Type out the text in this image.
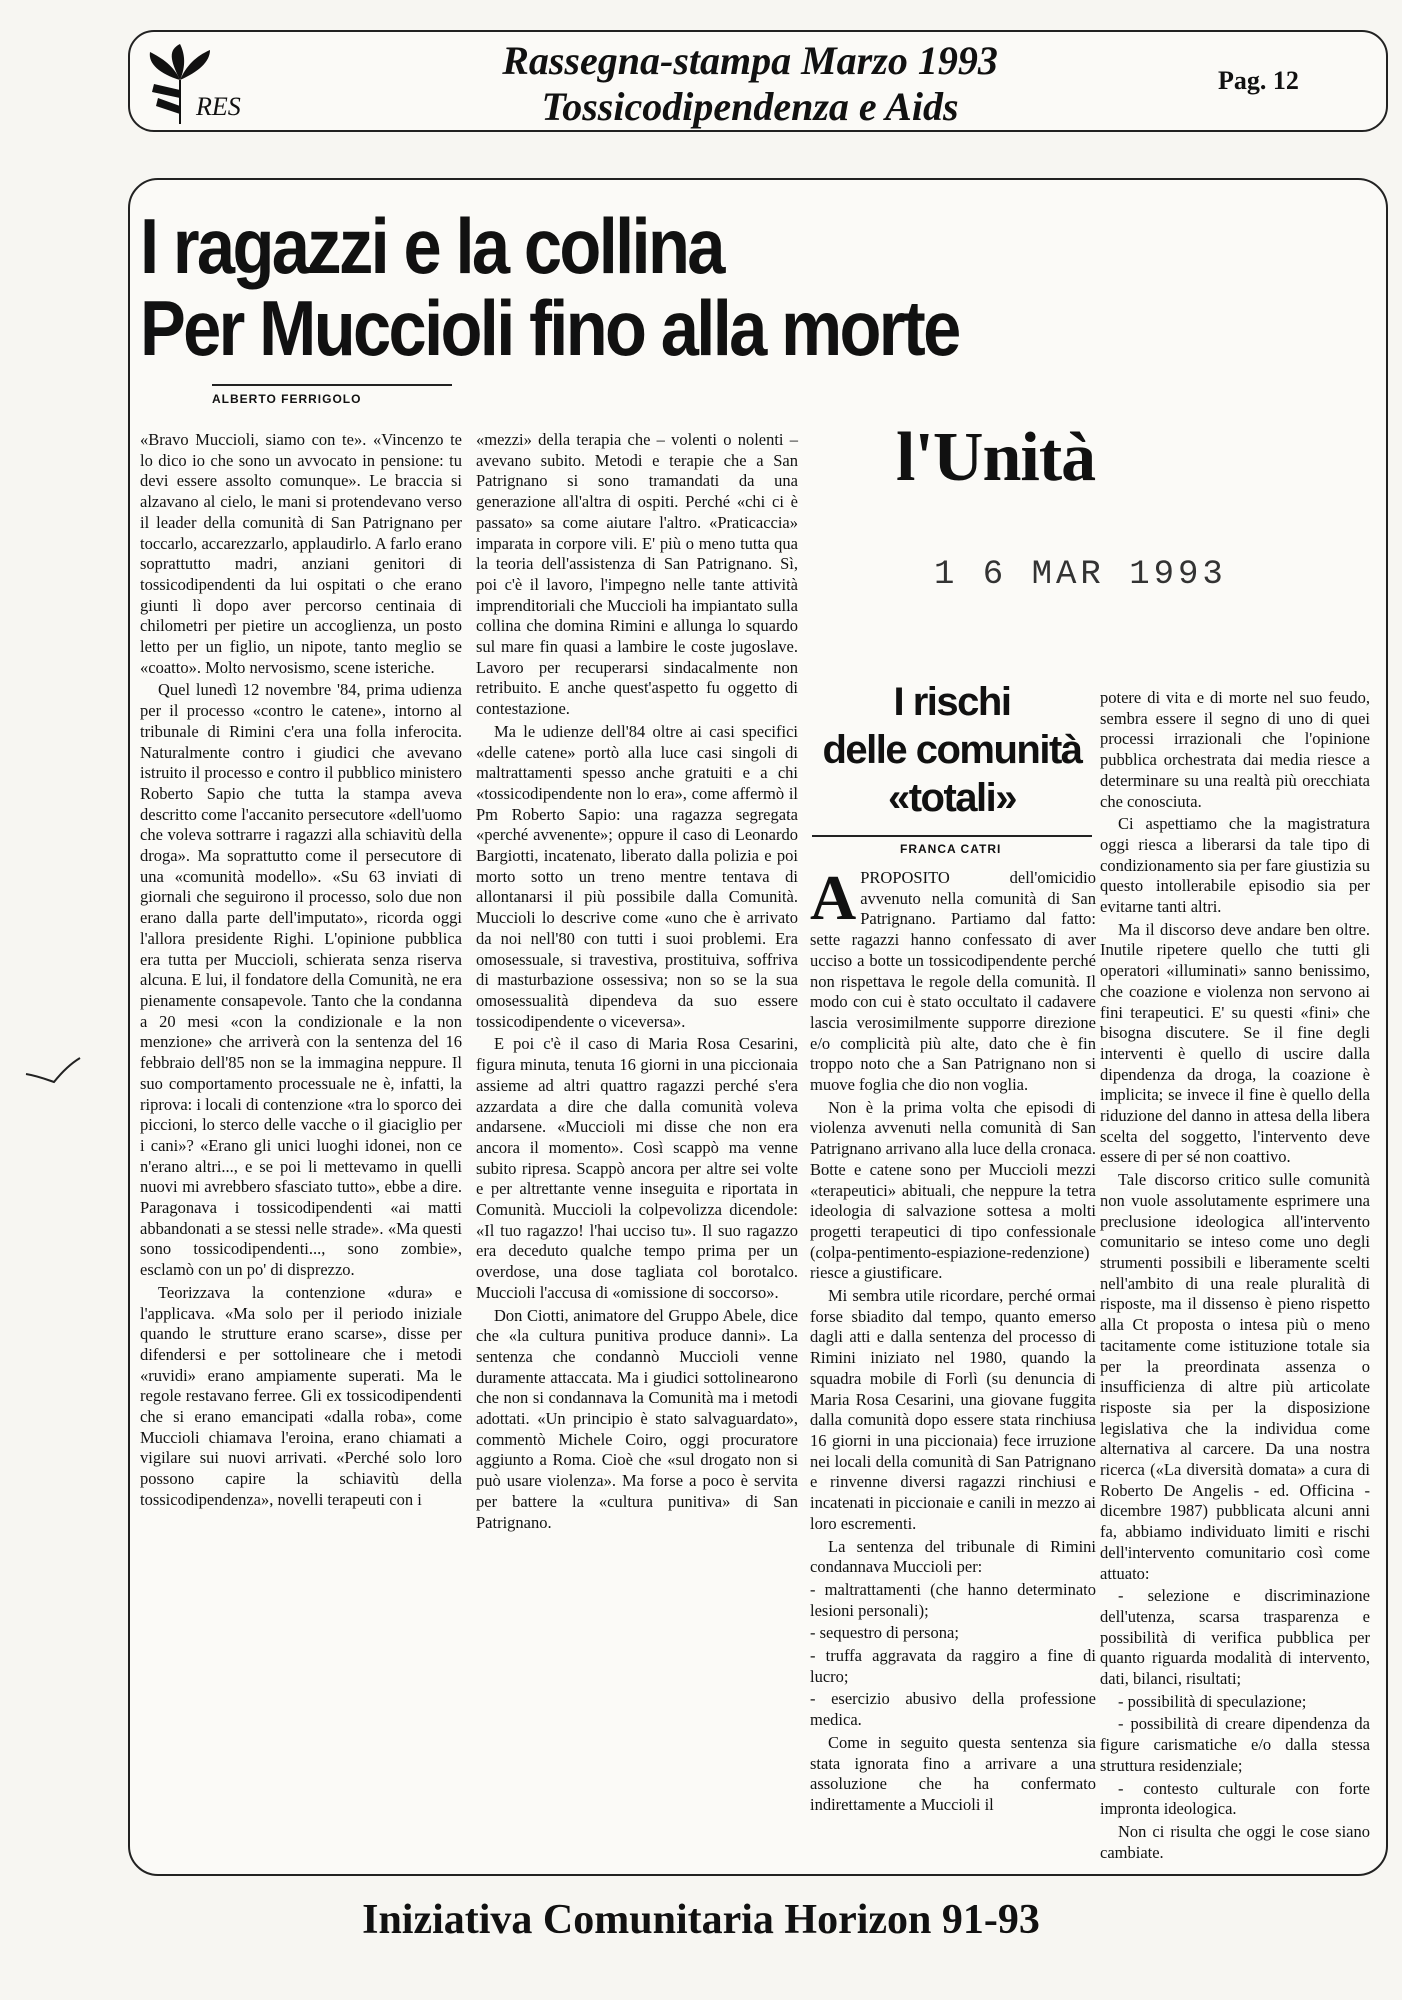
RES
Rassegna-stampa Marzo 1993
Tossicodipendenza e Aids
Pag. 12
I ragazzi e la collina
Per Muccioli fino alla morte
ALBERTO FERRIGOLO

«Bravo Muccioli, siamo con te». «Vincenzo te lo dico io che sono un avvocato in pensione: tu devi essere assolto comunque». Le braccia si alzavano al cielo, le mani si protendevano verso il leader della comunità di San Patrignano per toccarlo, accarezzarlo, applaudirlo. A farlo erano soprattutto madri, anziani genitori di tossicodipendenti da lui ospitati o che erano giunti lì dopo aver percorso centinaia di chilometri per pietire un accoglienza, un posto letto per un figlio, un nipote, tanto meglio se «coatto». Molto nervosismo, scene isteriche.

Quel lunedì 12 novembre '84, prima udienza per il processo «contro le catene», intorno al tribunale di Rimini c'era una folla inferocita. Naturalmente contro i giudici che avevano istruito il processo e contro il pubblico ministero Roberto Sapio che tutta la stampa aveva descritto come l'accanito persecutore «dell'uomo che voleva sottrarre i ragazzi alla schiavitù della droga». Ma soprattutto come il persecutore di una «comunità modello». «Su 63 inviati di giornali che seguirono il processo, solo due non erano dalla parte dell'imputato», ricorda oggi l'allora presidente Righi. L'opinione pubblica era tutta per Muccioli, schierata senza riserva alcuna. E lui, il fondatore della Comunità, ne era pienamente consapevole. Tanto che la condanna a 20 mesi «con la condizionale e la non menzione» che arriverà con la sentenza del 16 febbraio dell'85 non se la immagina neppure. Il suo comportamento processuale ne è, infatti, la riprova: i locali di contenzione «tra lo sporco dei piccioni, lo sterco delle vacche o il giaciglio per i cani»? «Erano gli unici luoghi idonei, non ce n'erano altri..., e se poi li mettevamo in quelli nuovi mi avrebbero sfasciato tutto», ebbe a dire. Paragonava i tossicodipendenti «ai matti abbandonati a se stessi nelle strade». «Ma questi sono tossicodipendenti..., sono zombie», esclamò con un po' di disprezzo.

Teorizzava la contenzione «dura» e l'applicava. «Ma solo per il periodo iniziale quando le strutture erano scarse», disse per difendersi e per sottolineare che i metodi «ruvidi» erano ampiamente superati. Ma le regole restavano ferree. Gli ex tossicodipendenti che si erano emancipati «dalla roba», come Muccioli chiamava l'eroina, erano chiamati a vigilare sui nuovi arrivati. «Perché solo loro possono capire la schiavitù della tossicodipendenza», novelli terapeuti con i

«mezzi» della terapia che – volenti o nolenti – avevano subito. Metodi e terapie che a San Patrignano si sono tramandati da una generazione all'altra di ospiti. Perché «chi ci è passato» sa come aiutare l'altro. «Praticaccia» imparata in corpore vili. E' più o meno tutta qua la teoria dell'assistenza di San Patrignano. Sì, poi c'è il lavoro, l'impegno nelle tante attività imprenditoriali che Muccioli ha impiantato sulla collina che domina Rimini e allunga lo squardo sul mare fin quasi a lambire le coste jugoslave. Lavoro per recuperarsi sindacalmente non retribuito. E anche quest'aspetto fu oggetto di contestazione.

Ma le udienze dell'84 oltre ai casi specifici «delle catene» portò alla luce casi singoli di maltrattamenti spesso anche gratuiti e a chi «tossicodipendente non lo era», come affermò il Pm Roberto Sapio: una ragazza segregata «perché avvenente»; oppure il caso di Leonardo Bargiotti, incatenato, liberato dalla polizia e poi morto sotto un treno mentre tentava di allontanarsi il più possibile dalla Comunità. Muccioli lo descrive come «uno che è arrivato da noi nell'80 con tutti i suoi problemi. Era omosessuale, si travestiva, prostituiva, soffriva di masturbazione ossessiva; non so se la sua omosessualità dipendeva da suo essere tossicodipendente o viceversa».

E poi c'è il caso di Maria Rosa Cesarini, figura minuta, tenuta 16 giorni in una piccionaia assieme ad altri quattro ragazzi perché s'era azzardata a dire che dalla comunità voleva andarsene. «Muccioli mi disse che non era ancora il momento». Così scappò ma venne subito ripresa. Scappò ancora per altre sei volte e per altrettante venne inseguita e riportata in Comunità. Muccioli la colpevolizza dicendole: «Il tuo ragazzo! l'hai ucciso tu». Il suo ragazzo era deceduto qualche tempo prima per un overdose, una dose tagliata col borotalco. Muccioli l'accusa di «omissione di soccorso».

Don Ciotti, animatore del Gruppo Abele, dice che «la cultura punitiva produce danni». La sentenza che condannò Muccioli venne duramente attaccata. Ma i giudici sottolinearono che non si condannava la Comunità ma i metodi adottati. «Un principio è stato salvaguardato», commentò Michele Coiro, oggi procuratore aggiunto a Roma. Cioè che «sul drogato non si può usare violenza». Ma forse a poco è servita per battere la «cultura punitiva» di San Patrignano.

l'Unità
1 6 MAR 1993
I rischi
delle comunità
«totali»
FRANCA CATRI

APROPOSITO dell'omicidio avvenuto nella comunità di San Patrignano. Partiamo dal fatto: sette ragazzi hanno confessato di aver ucciso a botte un tossicodipendente perché non rispettava le regole della comunità. Il modo con cui è stato occultato il cadavere lascia verosimilmente supporre direzione e/o complicità più alte, dato che è fin troppo noto che a San Patrignano non si muove foglia che dio non voglia.

Non è la prima volta che episodi di violenza avvenuti nella comunità di San Patrignano arrivano alla luce della cronaca. Botte e catene sono per Muccioli mezzi «terapeutici» abituali, che neppure la tetra ideologia di salvazione sottesa a molti progetti terapeutici di tipo confessionale (colpa-pentimento-espiazione-redenzione) riesce a giustificare.

Mi sembra utile ricordare, perché ormai forse sbiadito dal tempo, quanto emerso dagli atti e dalla sentenza del processo di Rimini iniziato nel 1980, quando la squadra mobile di Forlì (su denuncia di Maria Rosa Cesarini, una giovane fuggita dalla comunità dopo essere stata rinchiusa 16 giorni in una piccionaia) fece irruzione nei locali della comunità di San Patrignano e rinvenne diversi ragazzi rinchiusi e incatenati in piccionaie e canili in mezzo ai loro escrementi.

La sentenza del tribunale di Rimini condannava Muccioli per:

- maltrattamenti (che hanno determinato lesioni personali);

- sequestro di persona;

- truffa aggravata da raggiro a fine di lucro;

- esercizio abusivo della professione medica.

Come in seguito questa sentenza sia stata ignorata fino a arrivare a una assoluzione che ha confermato indirettamente a Muccioli il

potere di vita e di morte nel suo feudo, sembra essere il segno di uno di quei processi irrazionali che l'opinione pubblica orchestrata dai media riesce a determinare su una realtà più orecchiata che conosciuta.

Ci aspettiamo che la magistratura oggi riesca a liberarsi da tale tipo di condizionamento sia per fare giustizia su questo intollerabile episodio sia per evitarne tanti altri.

Ma il discorso deve andare ben oltre. Inutile ripetere quello che tutti gli operatori «illuminati» sanno benissimo, che coazione e violenza non servono ai fini terapeutici. E' su questi «fini» che bisogna discutere. Se il fine degli interventi è quello di uscire dalla dipendenza da droga, la coazione è implicita; se invece il fine è quello della riduzione del danno in attesa della libera scelta del soggetto, l'intervento deve essere di per sé non coattivo.

Tale discorso critico sulle comunità non vuole assolutamente esprimere una preclusione ideologica all'intervento comunitario se inteso come uno degli strumenti possibili e liberamente scelti nell'ambito di una reale pluralità di risposte, ma il dissenso è pieno rispetto alla Ct proposta o intesa più o meno tacitamente come istituzione totale sia per la preordinata assenza o insufficienza di altre più articolate risposte sia per la disposizione legislativa che la individua come alternativa al carcere. Da una nostra ricerca («La diversità domata» a cura di Roberto De Angelis - ed. Officina - dicembre 1987) pubblicata alcuni anni fa, abbiamo individuato limiti e rischi dell'intervento comunitario così come attuato:

- selezione e discriminazione dell'utenza, scarsa trasparenza e possibilità di verifica pubblica per quanto riguarda modalità di intervento, dati, bilanci, risultati;

- possibilità di speculazione;

- possibilità di creare dipendenza da figure carismatiche e/o dalla stessa struttura residenziale;

- contesto culturale con forte impronta ideologica.

Non ci risulta che oggi le cose siano cambiate.

Iniziativa Comunitaria Horizon 91-93
